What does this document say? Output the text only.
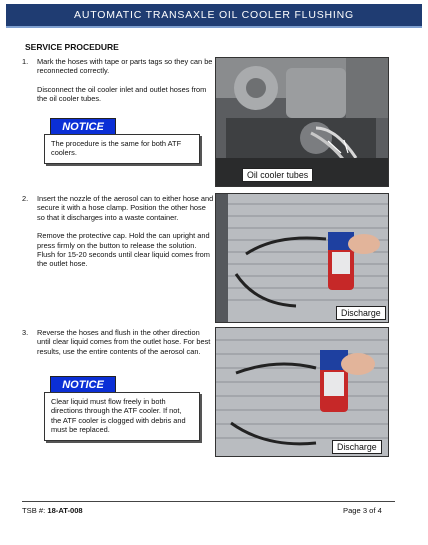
AUTOMATIC TRANSAXLE OIL COOLER FLUSHING
SERVICE PROCEDURE
1. Mark the hoses with tape or parts tags so they can be reconnected correctly.

Disconnect the oil cooler inlet and outlet hoses from the oil cooler tubes.

NOTICE
The procedure is the same for both ATF coolers.
2. Insert the nozzle of the aerosol can to either hose and secure it with a hose clamp. Position the other hose so that it discharges into a waste container.

Remove the protective cap. Hold the can upright and press firmly on the button to release the solution. Flush for 15-20 seconds until clear liquid comes from the outlet hose.

3. Reverse the hoses and flush in the other direction until clear liquid comes from the outlet hose. For best results, use the entire contents of the aerosol can.

NOTICE
Clear liquid must flow freely in both directions through the ATF cooler. If not, the ATF cooler is clogged with debris and must be replaced.
Oil cooler tubes
Discharge
Discharge
TSB #: 18-AT-008	Page 3 of 4
